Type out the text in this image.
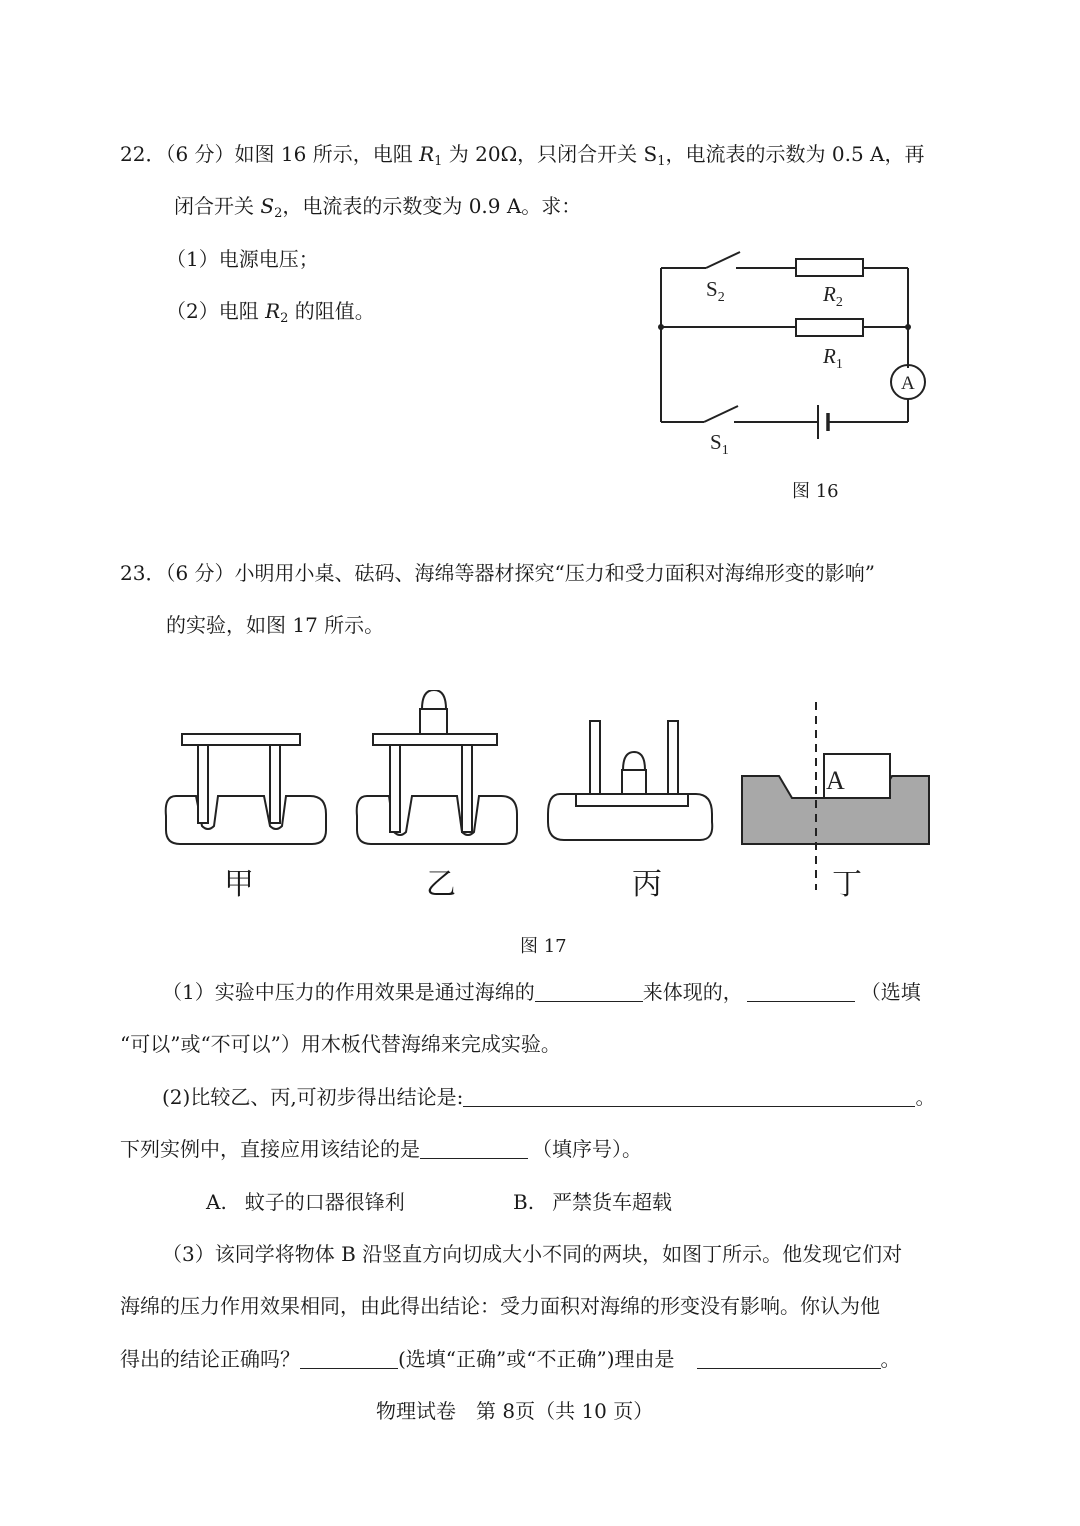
22．（6 分）如图 16 所示，电阻 $R_1$ 为 20Ω，只闭合开关 $S_1$，电流表的示数为 0.5 A，再
闭合开关 $S_2$，电流表的示数变为 0.9 A。求：
（1）电源电压；
（2）电阻 $R_2$ 的阻值。
$S_2$	$R_2$
$R_1$
A
$S_1$
图 16
23．（6 分）小明用小桌、砝码、海绵等器材探究“压力和受力面积对海绵形变的影响”
的实验，如图 17 所示。
A
甲	乙	丙	丁
图 17
（1）实验中压力的作用效果是通过海绵的	来体现的，	（选填
“可以”或“不可以”）用木板代替海绵来完成实验。
(2)比较乙、丙,可初步得出结论是:	。
下列实例中，直接应用该结论的是	（填序号）。
A. 蚊子的口器很锋利	B. 严禁货车超载
（3）该同学将物体 B 沿竖直方向切成大小不同的两块，如图丁所示。他发现它们对
海绵的压力作用效果相同，由此得出结论：受力面积对海绵的形变没有影响。你认为他
得出的结论正确吗？	(选填“正确”或“不正确”)理由是	。
物理试卷　第 8页（共 10 页）
